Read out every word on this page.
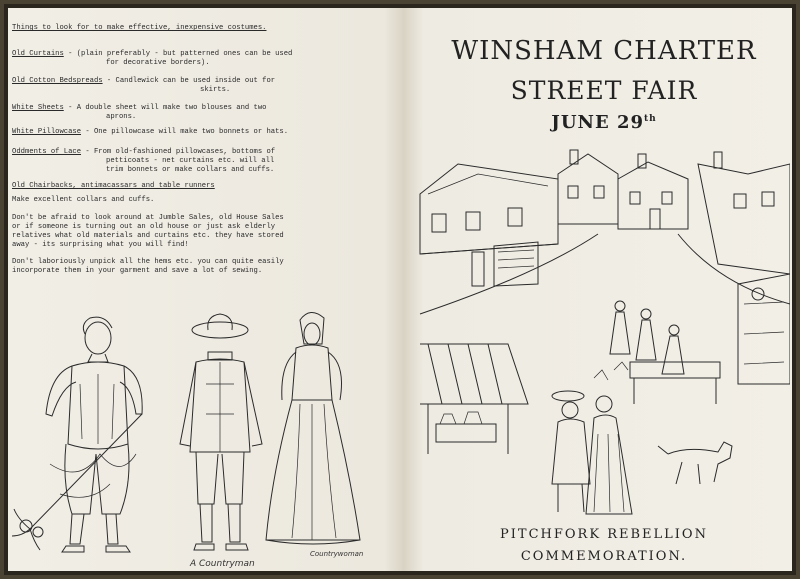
Things to look for to make effective, inexpensive costumes.
Old Curtains - (plain preferably - but patterned ones can be used
for decorative borders).
Old Cotton Bedspreads - Candlewick can be used inside out for
skirts.
White Sheets - A double sheet will make two blouses and two
aprons.
White Pillowcase - One pillowcase will make two bonnets or hats.
Oddments of Lace - From old-fashioned pillowcases, bottoms of
petticoats - net curtains etc. will all
trim bonnets or make collars and cuffs.
Old Chairbacks, antimacassars and table runners
Make excellent collars and cuffs.
Don't be afraid to look around at Jumble Sales, old House Sales
or if someone is turning out an old house or just ask elderly
relatives what old materials and curtains etc. they have stored
away - its surprising what you will find!
Don't laboriously unpick all the hems etc. you can quite easily
incorporate them in your garment and save a lot of sewing.
A Countryman
Countrywoman
WINSHAM CHARTER
STREET FAIR
JUNE 29th
PITCHFORK REBELLION
COMMEMORATION.
